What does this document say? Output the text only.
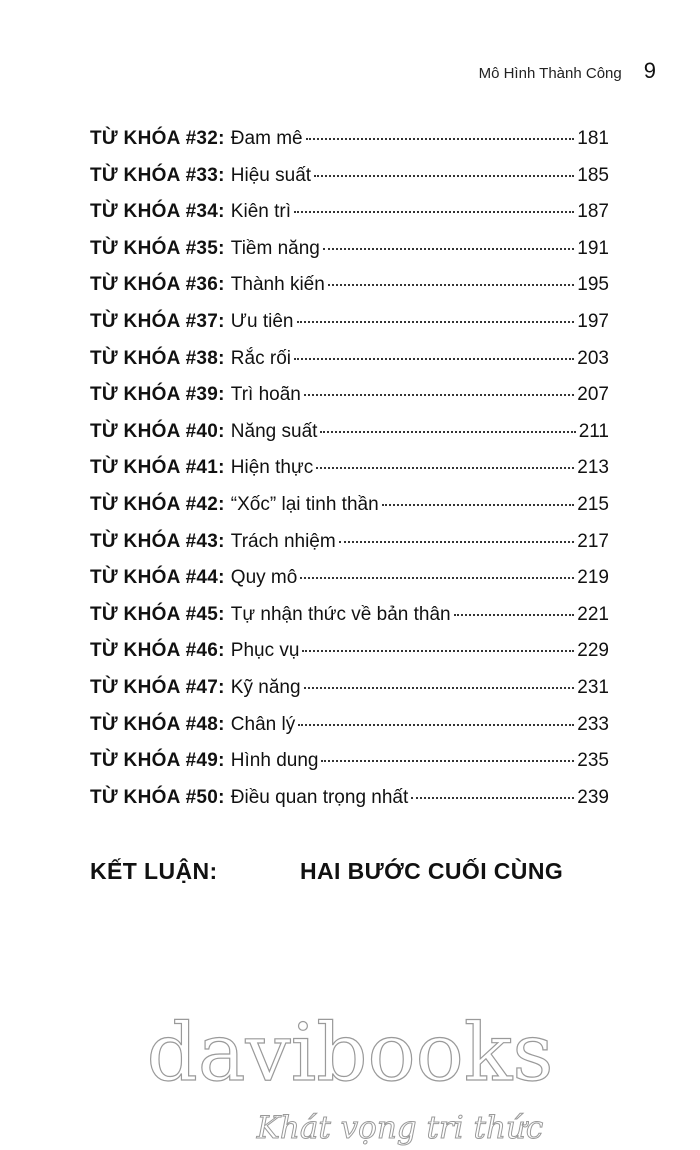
Mô Hình Thành Công 9
TỪ KHÓA #32: Đam mê	181
TỪ KHÓA #33: Hiệu suất	185
TỪ KHÓA #34: Kiên trì	187
TỪ KHÓA #35: Tiềm năng	191
TỪ KHÓA #36: Thành kiến	195
TỪ KHÓA #37: Ưu tiên	197
TỪ KHÓA #38: Rắc rối	203
TỪ KHÓA #39: Trì hoãn	207
TỪ KHÓA #40: Năng suất	211
TỪ KHÓA #41: Hiện thực	213
TỪ KHÓA #42: “Xốc” lại tinh thần	215
TỪ KHÓA #43: Trách nhiệm	217
TỪ KHÓA #44: Quy mô	219
TỪ KHÓA #45: Tự nhận thức về bản thân	221
TỪ KHÓA #46: Phục vụ	229
TỪ KHÓA #47: Kỹ năng	231
TỪ KHÓA #48: Chân lý	233
TỪ KHÓA #49: Hình dung	235
TỪ KHÓA #50: Điều quan trọng nhất	239
KẾT LUẬN:	HAI BƯỚC CUỐI CÙNG
davibooks
Khát vọng tri thức
